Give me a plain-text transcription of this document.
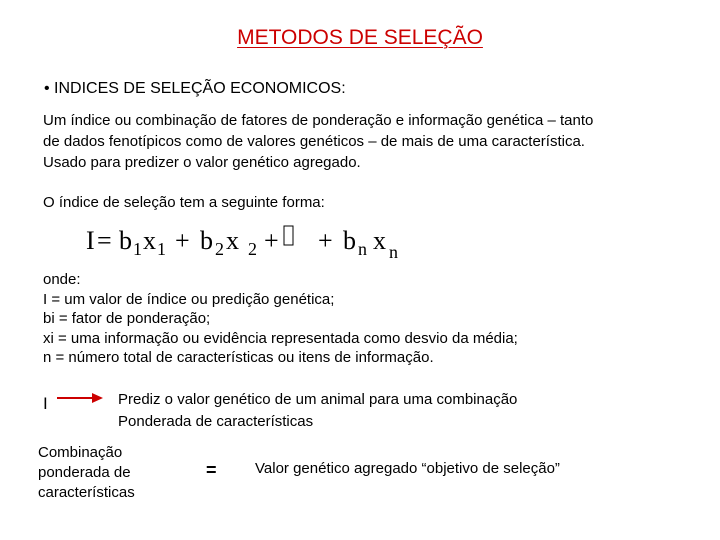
METODOS DE SELEÇÃO
• INDICES DE SELEÇÃO ECONOMICOS:
Um índice ou combinação de fatores de ponderação e informação genética – tanto
de dados fenotípicos como de valores genéticos – de mais de uma característica.
Usado para predizer o valor genético agregado.
O índice de seleção tem a seguinte forma:
I = b 1 x 1 + b 2 x 2 + + b n x n
onde:
I = um valor de índice ou predição genética;
bi = fator de ponderação;
xi = uma informação ou evidência representada como desvio da média;
n = número total de características ou itens de informação.
I	Prediz o valor genético de um animal para uma combinação
Ponderada de características
Combinação
ponderada de
características
=	Valor genético agregado “objetivo de seleção”
